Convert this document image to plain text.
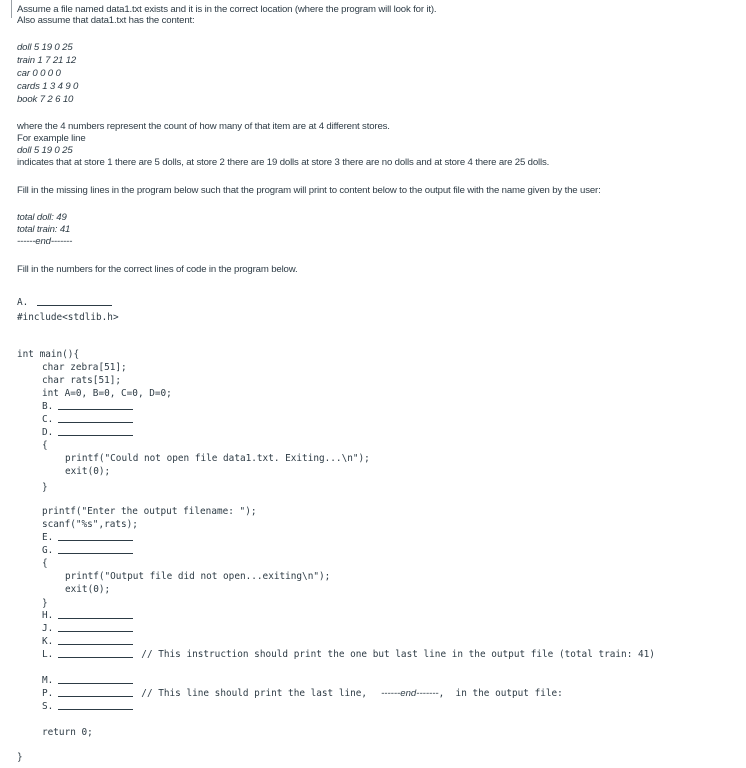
Assume a file named data1.txt exists and it is in the correct location (where the program will look for it).
Also assume that data1.txt has the content:
doll 5 19 0 25
train 1 7 21 12
car 0 0 0 0
cards 1 3 4 9 0
book 7 2 6 10
where the 4 numbers represent the count of how many of that item are at 4 different stores.
For example line
doll 5 19 0 25
indicates that at store 1 there are 5 dolls, at store 2 there are 19 dolls at store 3 there are no dolls and at store 4 there are 25 dolls.
Fill in the missing lines in the program below such that the program will print to content below to the output file with the name given by the user:
total doll: 49
total train: 41
------end-------
Fill in the numbers for the correct lines of code in the program below.
A.
#include<stdlib.h>
int main(){
char zebra[51];
char rats[51];
int A=0, B=0, C=0, D=0;
B.
C.
D.
{
printf("Could not open file data1.txt. Exiting...\n");
exit(0);
}
printf("Enter the output filename: ");
scanf("%s",rats);
E.
G.
{
printf("Output file did not open...exiting\n");
exit(0);
}
H.
J.
K.
L.	// This instruction should print the one but last line in the output file (total train: 41)
M.
P.	// This line should print the last line, ------end-------,  in the output file:
S.
return 0;
}
